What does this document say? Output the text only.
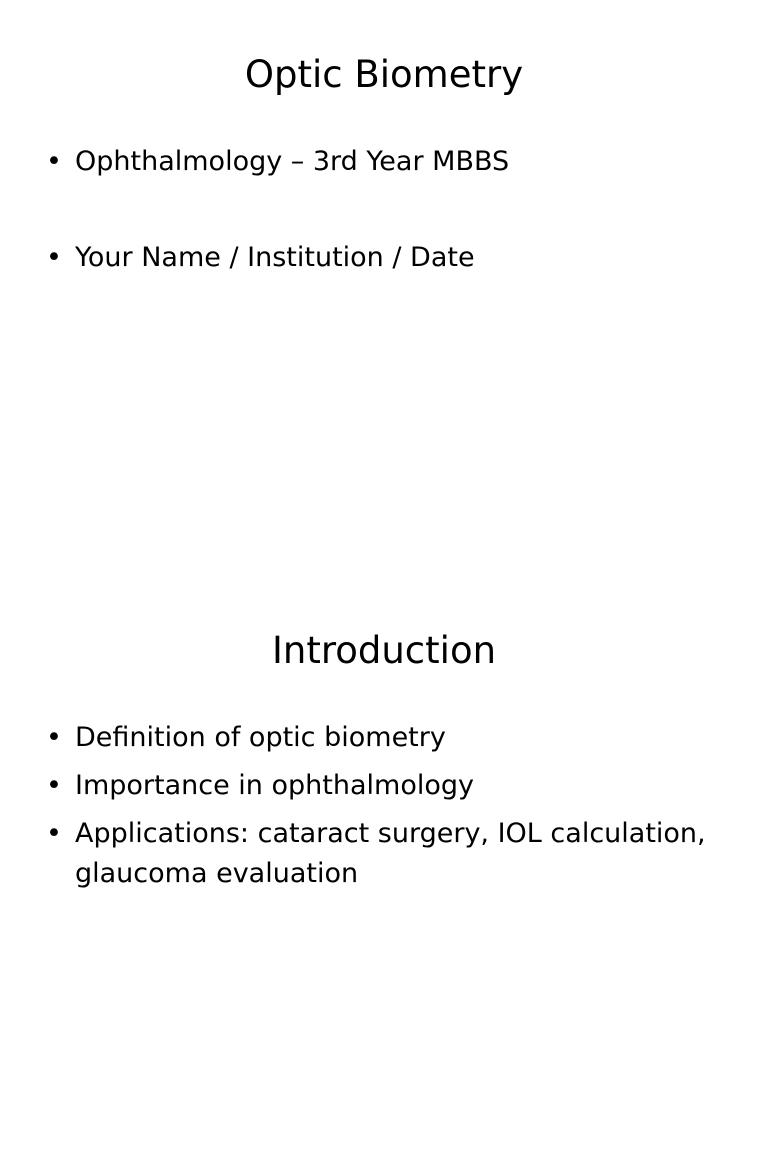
Optic Biometry
• Ophthalmology – 3rd Year MBBS
• Your Name / Institution / Date
Introduction
• Definition of optic biometry
• Importance in ophthalmology
• Applications: cataract surgery, IOL calculation, glaucoma evaluation
